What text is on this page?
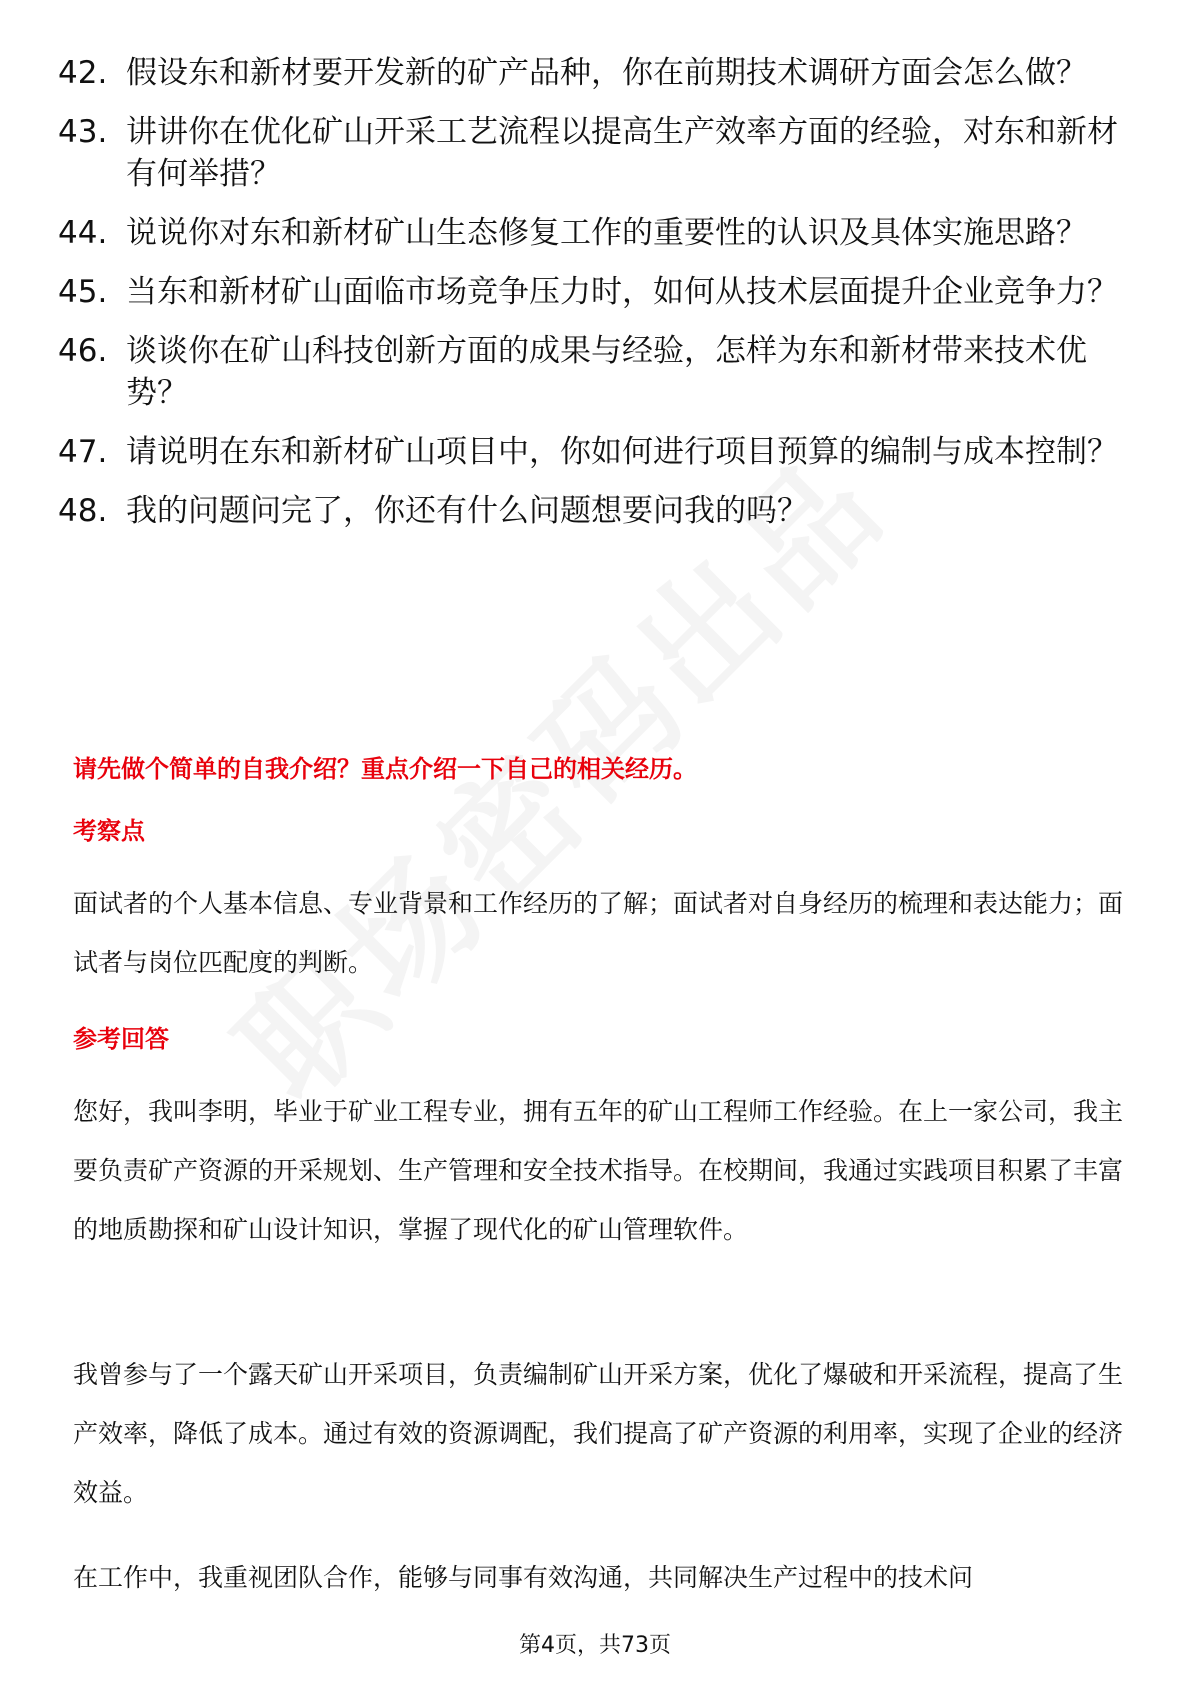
42. 假设东和新材要开发新的矿产品种，你在前期技术调研方面会怎么做？
43. 讲讲你在优化矿山开采工艺流程以提高生产效率方面的经验，对东和新材有何举措？
44. 说说你对东和新材矿山生态修复工作的重要性的认识及具体实施思路？
45. 当东和新材矿山面临市场竞争压力时，如何从技术层面提升企业竞争力？
46. 谈谈你在矿山科技创新方面的成果与经验，怎样为东和新材带来技术优势？
47. 请说明在东和新材矿山项目中，你如何进行项目预算的编制与成本控制？
48. 我的问题问完了，你还有什么问题想要问我的吗？
请先做个简单的自我介绍？重点介绍一下自己的相关经历。
考察点
面试者的个人基本信息、专业背景和工作经历的了解；面试者对自身经历的梳理和表达能力；面试者与岗位匹配度的判断。
参考回答
您好，我叫李明，毕业于矿业工程专业，拥有五年的矿山工程师工作经验。在上一家公司，我主要负责矿产资源的开采规划、生产管理和安全技术指导。在校期间，我通过实践项目积累了丰富的地质勘探和矿山设计知识，掌握了现代化的矿山管理软件。
我曾参与了一个露天矿山开采项目，负责编制矿山开采方案，优化了爆破和开采流程，提高了生产效率，降低了成本。通过有效的资源调配，我们提高了矿产资源的利用率，实现了企业的经济效益。
在工作中，我重视团队合作，能够与同事有效沟通，共同解决生产过程中的技术问
第4页，共73页
